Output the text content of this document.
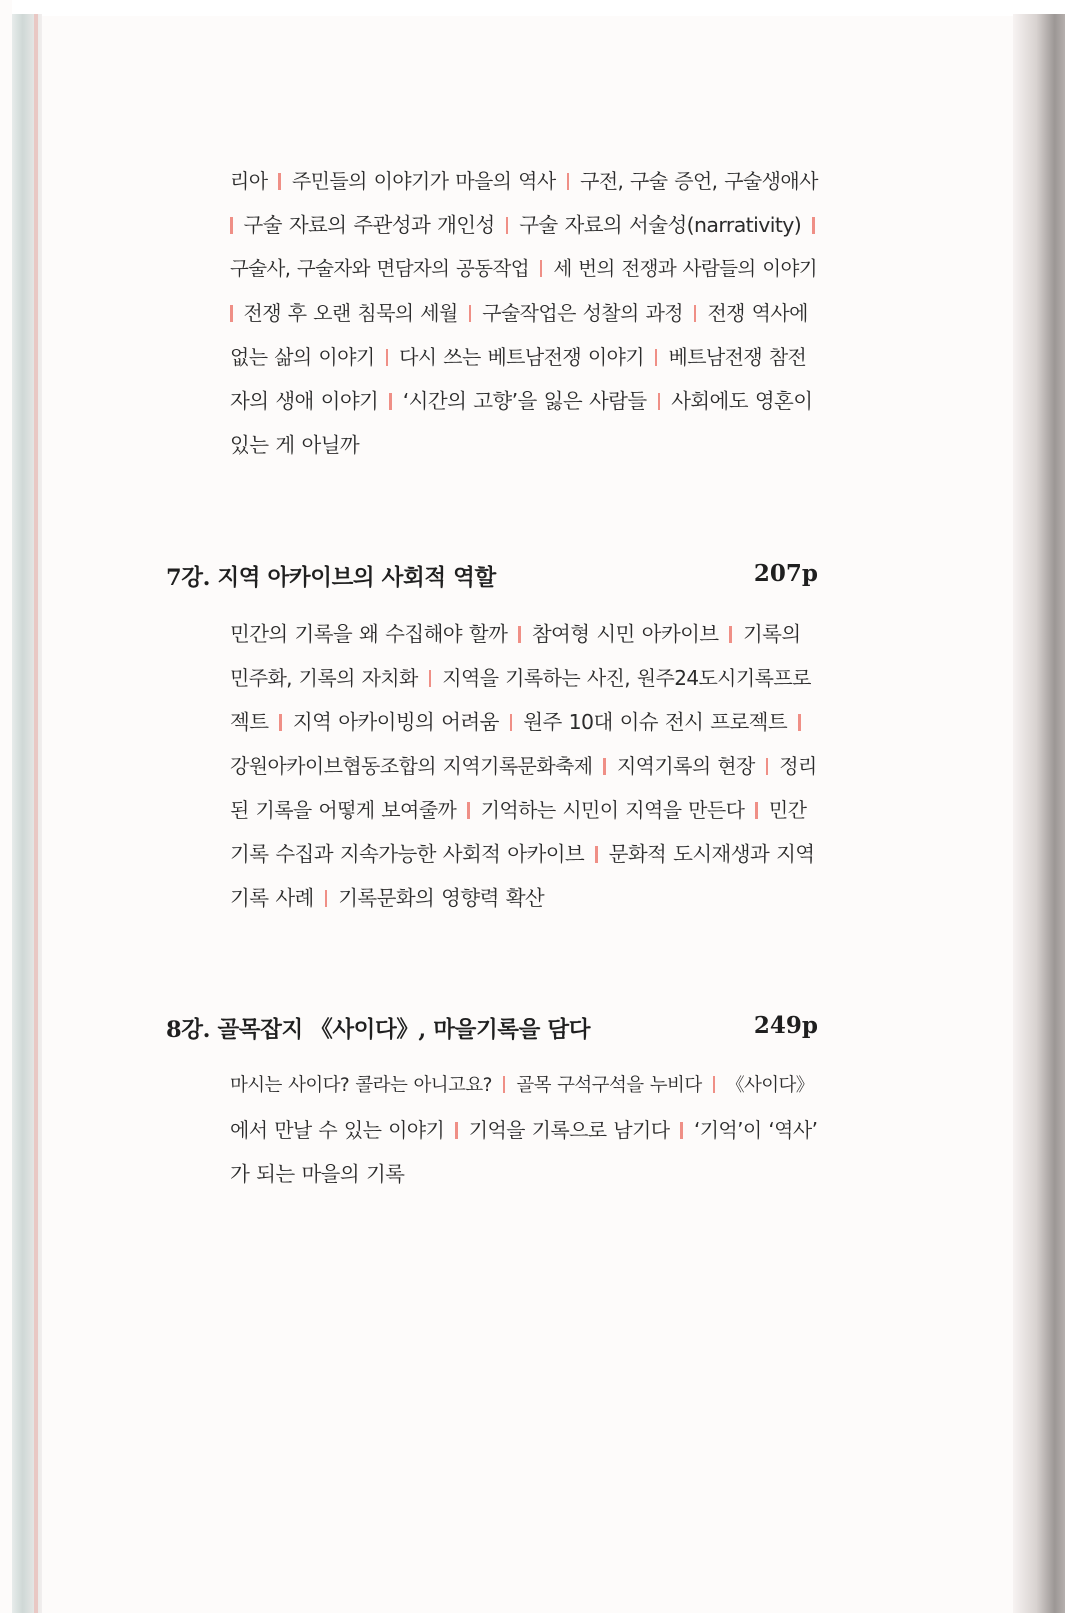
리아 주민들의 이야기가 마을의 역사 구전, 구술 증언, 구술생애사
구술 자료의 주관성과 개인성 구술 자료의 서술성(narrativity)
구술사, 구술자와 면담자의 공동작업 세 번의 전쟁과 사람들의 이야기
전쟁 후 오랜 침묵의 세월 구술작업은 성찰의 과정 전쟁 역사에
없는 삶의 이야기 다시 쓰는 베트남전쟁 이야기 베트남전쟁 참전
자의 생애 이야기 ‘시간의 고향’을 잃은 사람들 사회에도 영혼이
있는 게 아닐까
7강. 지역 아카이브의 사회적 역할	207p
민간의 기록을 왜 수집해야 할까 참여형 시민 아카이브 기록의
민주화, 기록의 자치화 지역을 기록하는 사진, 원주24도시기록프로
젝트 지역 아카이빙의 어려움 원주 10대 이슈 전시 프로젝트
강원아카이브협동조합의 지역기록문화축제 지역기록의 현장 정리
된 기록을 어떻게 보여줄까 기억하는 시민이 지역을 만든다 민간
기록 수집과 지속가능한 사회적 아카이브 문화적 도시재생과 지역
기록 사례 기록문화의 영향력 확산
8강. 골목잡지 《사이다》, 마을기록을 담다	249p
마시는 사이다? 콜라는 아니고요? 골목 구석구석을 누비다 《사이다》
에서 만날 수 있는 이야기 기억을 기록으로 남기다 ‘기억’이 ‘역사’
가 되는 마을의 기록
